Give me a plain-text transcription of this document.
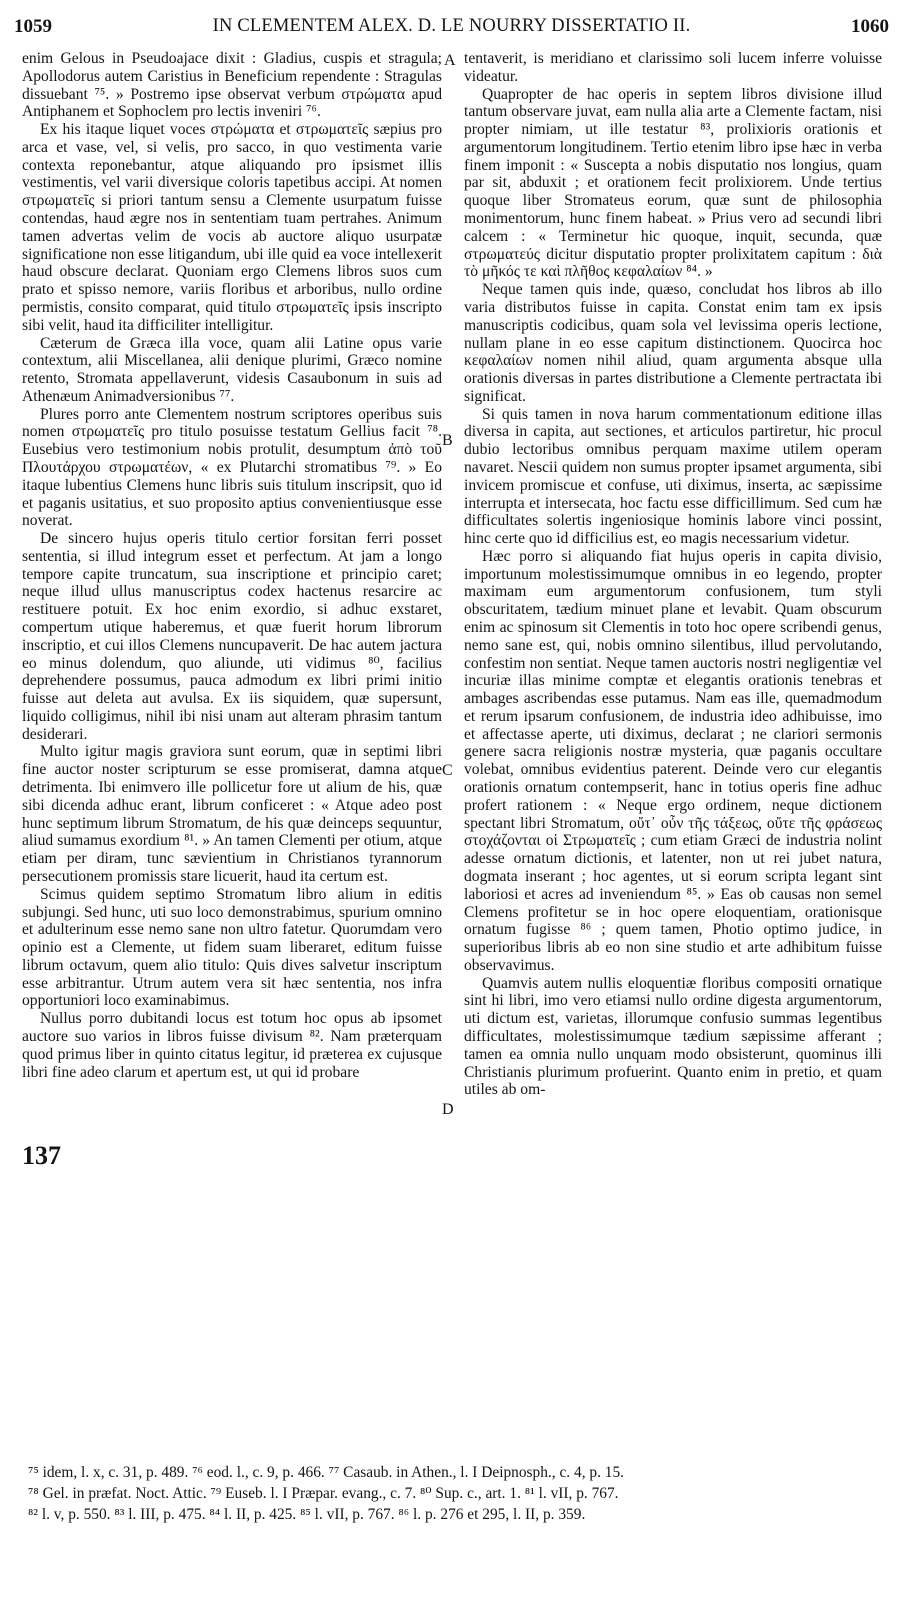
1059	IN CLEMENTEM ALEX. D. LE NOURRY DISSERTATIO II.	1060

enim Gelous in Pseudoajace dixit : Gladius, cuspis et stragula; Apollodorus autem Caristius in Beneficium rependente : Stragulas dissuebant ⁷⁵. » Postremo ipse observat verbum στρώματα apud Antiphanem et Sophoclem pro lectis inveniri ⁷⁶.

Ex his itaque liquet voces στρώματα et στρωματεῖς sæpius pro arca et vase, vel, si velis, pro sacco, in quo vestimenta varie contexta reponebantur, atque aliquando pro ipsismet illis vestimentis, vel varii diversique coloris tapetibus accipi. At nomen στρωματεῖς si priori tantum sensu a Clemente usurpatum fuisse contendas, haud ægre nos in sententiam tuam pertrahes. Animum tamen advertas velim de vocis ab auctore aliquo usurpatæ significatione non esse litigandum, ubi ille quid ea voce intellexerit haud obscure declarat. Quoniam ergo Clemens libros suos cum prato et spisso nemore, variis floribus et arboribus, nullo ordine permistis, consito comparat, quid titulo στρωματεῖς ipsis inscripto sibi velit, haud ita difficiliter intelligitur.

Cæterum de Græca illa voce, quam alii Latine opus varie contextum, alii Miscellanea, alii denique plurimi, Græco nomine retento, Stromata appellaverunt, videsis Casaubonum in suis ad Athenæum Animadversionibus ⁷⁷.

Plures porro ante Clementem nostrum scriptores operibus suis nomen στρωματεῖς pro titulo posuisse testatum Gellius facit ⁷⁸. Eusebius vero testimonium nobis protulit, desumptum ἀπὸ τοῦ Πλουτάρχου στρωματέων, « ex Plutarchi stromatibus ⁷⁹. » Eo itaque lubentius Clemens hunc libris suis titulum inscripsit, quo id et paganis usitatius, et suo proposito aptius convenientiusque esse noverat.

De sincero hujus operis titulo certior forsitan ferri posset sententia, si illud integrum esset et perfectum. At jam a longo tempore capite truncatum, sua inscriptione et principio caret; neque illud ullus manuscriptus codex hactenus resarcire ac restituere potuit. Ex hoc enim exordio, si adhuc exstaret, compertum utique haberemus, et quæ fuerit horum librorum inscriptio, et cui illos Clemens nuncupaverit. De hac autem jactura eo minus dolendum, quo aliunde, uti vidimus ⁸⁰, facilius deprehendere possumus, pauca admodum ex libri primi initio fuisse aut deleta aut avulsa. Ex iis siquidem, quæ supersunt, liquido colligimus, nihil ibi nisi unam aut alteram phrasim tantum desiderari.

Multo igitur magis graviora sunt eorum, quæ in septimi libri fine auctor noster scripturum se esse promiserat, damna atque detrimenta. Ibi enimvero ille pollicetur fore ut alium de his, quæ sibi dicenda adhuc erant, librum conficeret : « Atque adeo post hunc septimum librum Stromatum, de his quæ deinceps sequuntur, aliud sumamus exordium ⁸¹. » An tamen Clementi per otium, atque etiam per diram, tunc sævientium in Christianos tyrannorum persecutionem promissis stare licuerit, haud ita certum est.

Scimus quidem septimo Stromatum libro alium in editis subjungi. Sed hunc, uti suo loco demonstrabimus, spurium omnino et adulterinum esse nemo sane non ultro fatetur. Quorumdam vero opinio est a Clemente, ut fidem suam liberaret, editum fuisse librum octavum, quem alio titulo: Quis dives salvetur inscriptum esse arbitrantur. Utrum autem vera sit hæc sententia, nos infra opportuniori loco examinabimus.

Nullus porro dubitandi locus est totum hoc opus ab ipsomet auctore suo varios in libros fuisse divisum ⁸². Nam præterquam quod primus liber in quinto citatus legitur, id præterea ex cujusque libri fine adeo clarum et apertum est, ut qui id probare

tentaverit, is meridiano et clarissimo soli lucem inferre voluisse videatur.

Quapropter de hac operis in septem libros divisione illud tantum observare juvat, eam nulla alia arte a Clemente factam, nisi propter nimiam, ut ille testatur ⁸³, prolixioris orationis et argumentorum longitudinem. Tertio etenim libro ipse hæc in verba finem imponit : « Suscepta a nobis disputatio nos longius, quam par sit, abduxit ; et orationem fecit prolixiorem. Unde tertius quoque liber Stromateus eorum, quæ sunt de philosophia monimentorum, hunc finem habeat. » Prius vero ad secundi libri calcem : « Terminetur hic quoque, inquit, secunda, quæ στρωματεύς dicitur disputatio propter prolixitatem capitum : διὰ τὸ μῆκός τε καὶ πλῆθος κεφαλαίων ⁸⁴. »

Neque tamen quis inde, quæso, concludat hos libros ab illo varia distributos fuisse in capita. Constat enim tam ex ipsis manuscriptis codicibus, quam sola vel levissima operis lectione, nullam plane in eo esse capitum distinctionem. Quocirca hoc κεφαλαίων nomen nihil aliud, quam argumenta absque ulla orationis diversas in partes distributione a Clemente pertractata ibi significat.

Si quis tamen in nova harum commentationum editione illas diversa in capita, aut sectiones, et articulos partiretur, hic procul dubio lectoribus omnibus perquam maxime utilem operam navaret. Nescii quidem non sumus propter ipsamet argumenta, sibi invicem promiscue et confuse, uti diximus, inserta, ac sæpissime interrupta et intersecata, hoc factu esse difficillimum. Sed cum hæ difficultates solertis ingeniosique hominis labore vinci possint, hinc certe quo id difficilius est, eo magis necessarium videtur.

Hæc porro si aliquando fiat hujus operis in capita divisio, importunum molestissimumque omnibus in eo legendo, propter maximam eum argumentorum confusionem, tum styli obscuritatem, tædium minuet plane et levabit. Quam obscurum enim ac spinosum sit Clementis in toto hoc opere scribendi genus, nemo sane est, qui, nobis omnino silentibus, illud pervolutando, confestim non sentiat. Neque tamen auctoris nostri negligentiæ vel incuriæ illas minime comptæ et elegantis orationis tenebras et ambages ascribendas esse putamus. Nam eas ille, quemadmodum et rerum ipsarum confusionem, de industria ideo adhibuisse, imo et affectasse aperte, uti diximus, declarat ; ne clariori sermonis genere sacra religionis nostræ mysteria, quæ paganis occultare volebat, omnibus evidentius paterent. Deinde vero cur elegantis orationis ornatum contempserit, hanc in totius operis fine adhuc profert rationem : « Neque ergo ordinem, neque dictionem spectant libri Stromatum, οὔτ᾽ οὖν τῆς τάξεως, οὔτε τῆς φράσεως στοχάζονται οἱ Στρωματεῖς ; cum etiam Græci de industria nolint adesse ornatum dictionis, et latenter, non ut rei jubet natura, dogmata inserant ; hoc agentes, ut si eorum scripta legant sint laboriosi et acres ad inveniendum ⁸⁵. » Eas ob causas non semel Clemens profitetur se in hoc opere eloquentiam, orationisque ornatum fugisse ⁸⁶ ; quem tamen, Photio optimo judice, in superioribus libris ab eo non sine studio et arte adhibitum fuisse observavimus.

Quamvis autem nullis eloquentiæ floribus compositi ornatique sint hi libri, imo vero etiamsi nullo ordine digesta argumentorum, uti dictum est, varietas, illorumque confusio summas legentibus difficultates, molestissimumque tædium sæpissime afferant ; tamen ea omnia nullo unquam modo obsisterunt, quominus illi Christianis plurimum profuerint. Quanto enim in pretio, et quam utiles ab om-

A
B
C
D
137
⁷⁵ idem, l. x, c. 31, p. 489. ⁷⁶ eod. l., c. 9, p. 466. ⁷⁷ Casaub. in Athen., l. I Deipnosph., c. 4, p. 15.
⁷⁸ Gel. in præfat. Noct. Attic. ⁷⁹ Euseb. l. I Præpar. evang., c. 7. ⁸⁰ Sup. c., art. 1. ⁸¹ l. vII, p. 767.
⁸² l. v, p. 550. ⁸³ l. III, p. 475. ⁸⁴ l. II, p. 425. ⁸⁵ l. vII, p. 767. ⁸⁶ l. p. 276 et 295, l. II, p. 359.
